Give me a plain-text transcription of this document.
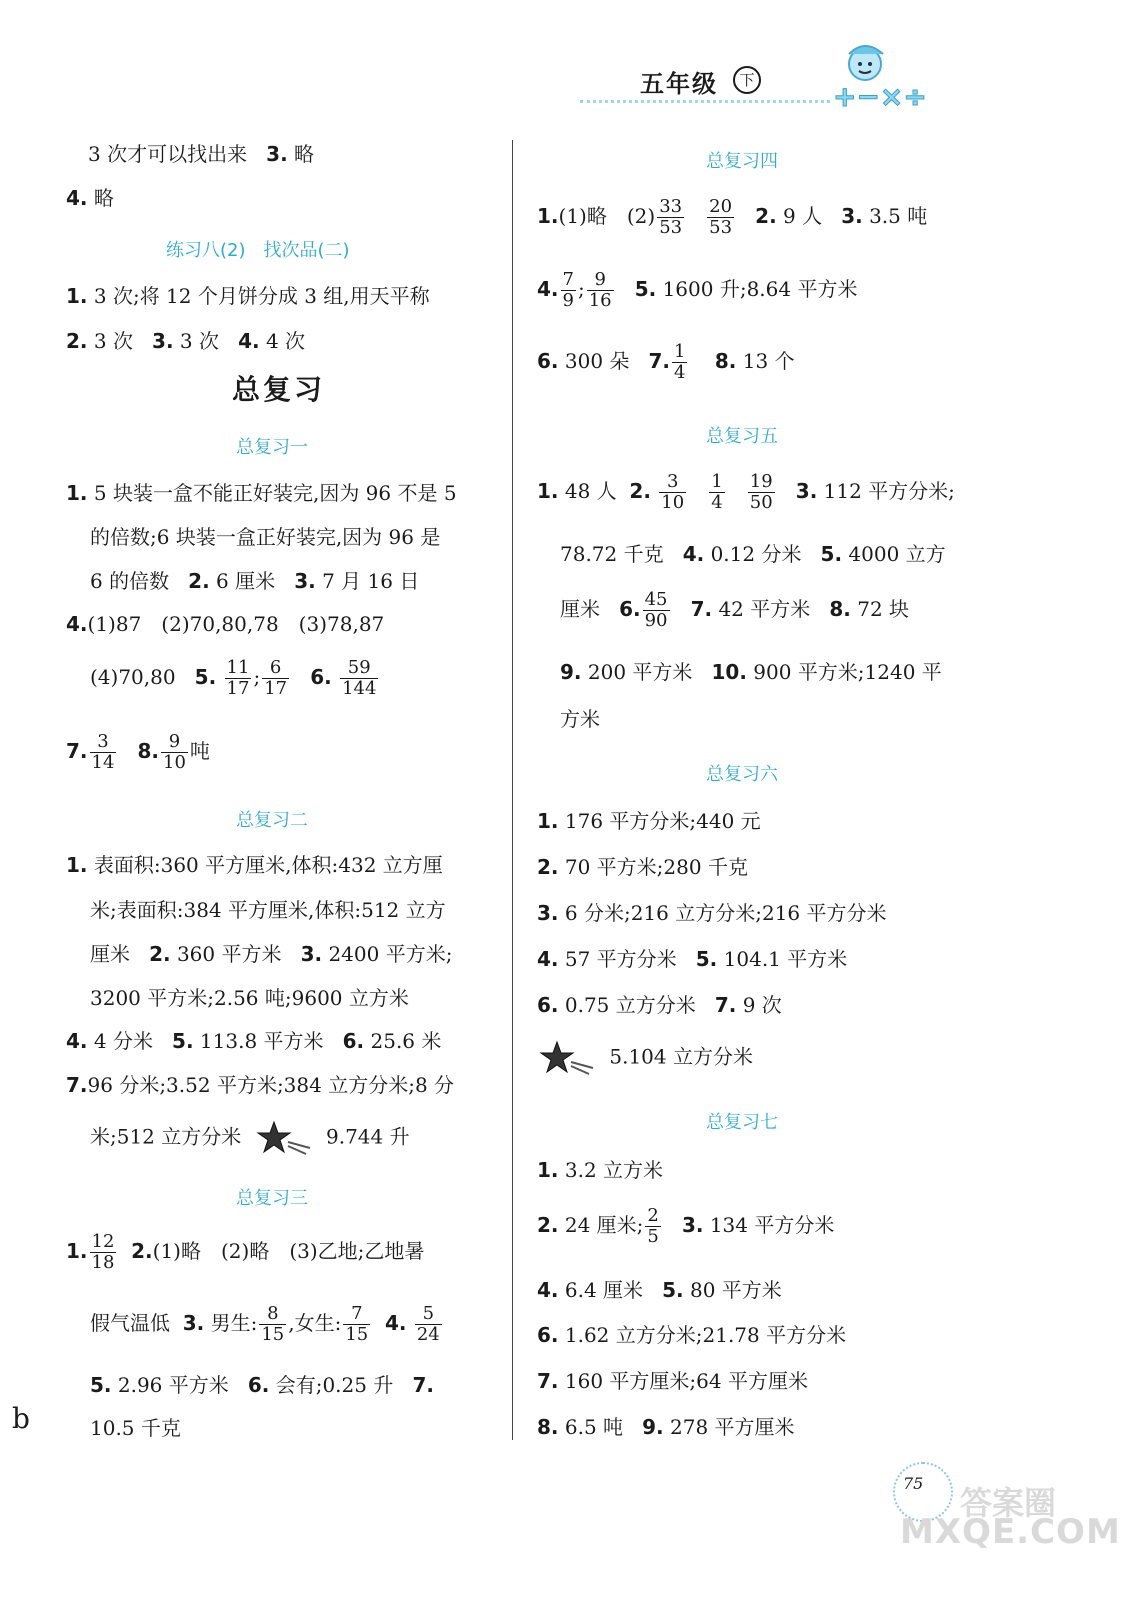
五年级	下	+−×÷
3 次才可以找出来 3. 略
4. 略
练习八(2)　找次品(二)
1. 3 次;将 12 个月饼分成 3 组,用天平称
2. 3 次 3. 3 次 4. 4 次
总复习
总复习一
1. 5 块装一盒不能正好装完,因为 96 不是 5
的倍数;6 块装一盒正好装完,因为 96 是
6 的倍数 2. 6 厘米 3. 7 月 16 日
4.(1)87　(2)70,80,78　(3)78,87
(4)70,80 5. $\frac{11}{17}$ ; $\frac{6}{17} 6$. $\frac{59}{144}$
7. $\frac{3}{14} 8$. $\frac{9}{10}$ 吨
总复习二
1. 表面积:360 平方厘米,体积:432 立方厘
米;表面积:384 平方厘米,体积:512 立方
厘米 2. 360 平方米 3. 2400 平方米;
3200 平方米;2.56 吨;9600 立方米
4. 4 分米 5. 113.8 平方米 6. 25.6 米
7.96 分米;3.52 平方米;384 立方分米;8 分
米;512 立方分米	9.744 升
总复习三
1. $\frac{12}{18} 2.(1)$略　(2)略　(3)乙地;乙地暑
假气温低 3. 男生: $\frac{8}{15}$ ,女生: $\frac{7}{15} 4$. $\frac{5}{24}$
5. 2.96 平方米 6. 会有;0.25 升 7.
10.5 千克
b
总复习四
1.(1)略　$(2) \frac{33}{53}$
$\frac{20}{53} 2$. 9 人 3. 3.5 吨
4. $\frac{7}{9}$ ; $\frac{9}{16} 5$. 1600 升;8.64 平方米
6. 300 朵 7. $\frac{1}{4} 8$. 13 个
总复习五
1. 48 人 2. $\frac{3}{10}$
$\frac{1}{4}$
$\frac{19}{50} 3$. 112 平方分米;
78.72 千克 4. 0.12 分米 5. 4000 立方
厘米 6. $\frac{45}{90} 7$. 42 平方米 8. 72 块
9. 200 平方米 10. 900 平方米;1240 平
方米
总复习六
1. 176 平方分米;440 元
2. 70 平方米;280 千克
3. 6 分米;216 立方分米;216 平方分米
4. 57 平方分米 5. 104.1 平方米
6. 0.75 立方分米 7. 9 次
5.104 立方分米
总复习七
1. 3.2 立方米
2. 24 厘米; $\frac{2}{5} 3$. 134 平方分米
4. 6.4 厘米 5. 80 平方米
6. 1.62 立方分米;21.78 平方分米
7. 160 平方厘米;64 平方厘米
8. 6.5 吨 9. 278 平方厘米
75
答案圈
MXQE.COM
